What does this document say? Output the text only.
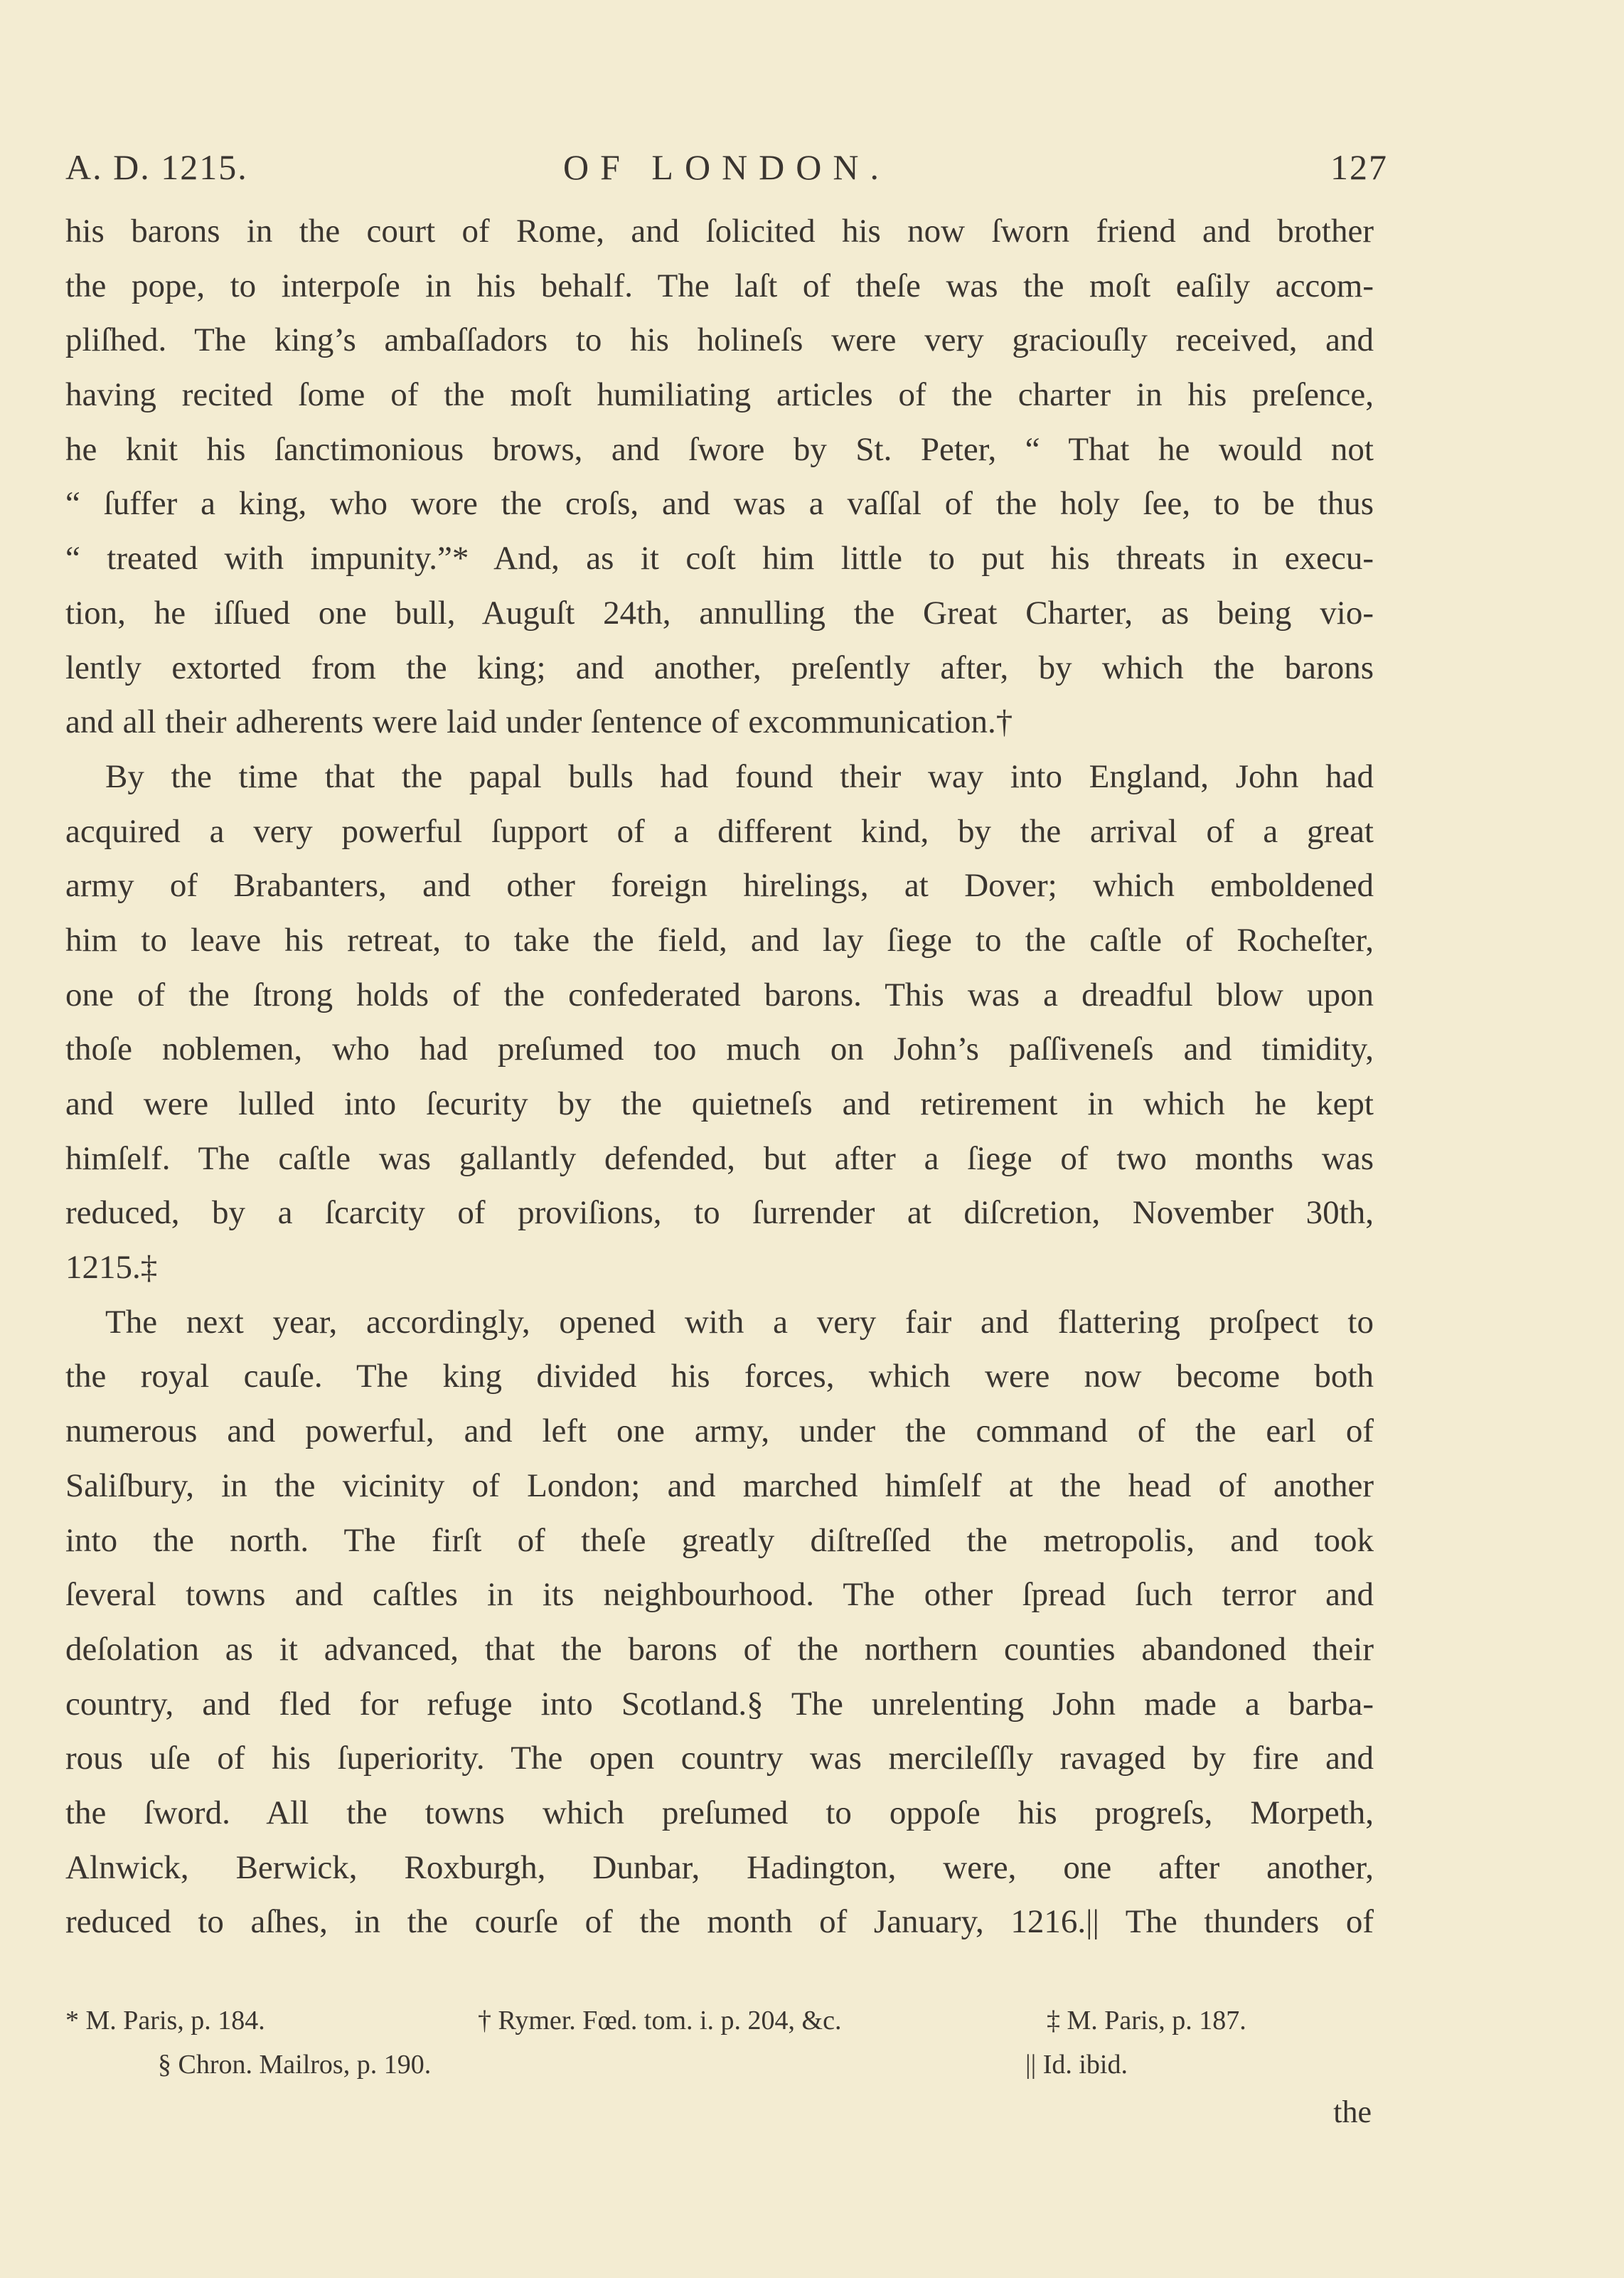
A. D. 1215.	OF LONDON.	127
his barons in the court of Rome, and ſolicited his now ſworn friend and brother
the pope, to interpoſe in his behalf. The laſt of theſe was the moſt eaſily accom-
pliſhed. The king’s ambaſſadors to his holineſs were very graciouſly received, and
having recited ſome of the moſt humiliating articles of the charter in his preſence,
he knit his ſanctimonious brows, and ſwore by St. Peter, “ That he would not
“ ſuffer a king, who wore the croſs, and was a vaſſal of the holy ſee, to be thus
“ treated with impunity.”* And, as it coſt him little to put his threats in execu-
tion, he iſſued one bull, Auguſt 24th, annulling the Great Charter, as being vio-
lently extorted from the king; and another, preſently after, by which the barons
and all their adherents were laid under ſentence of excommunication.†
By the time that the papal bulls had found their way into England, John had
acquired a very powerful ſupport of a different kind, by the arrival of a great
army of Brabanters, and other foreign hirelings, at Dover; which emboldened
him to leave his retreat, to take the field, and lay ſiege to the caſtle of Rocheſter,
one of the ſtrong holds of the confederated barons. This was a dreadful blow upon
thoſe noblemen, who had preſumed too much on John’s paſſiveneſs and timidity,
and were lulled into ſecurity by the quietneſs and retirement in which he kept
himſelf. The caſtle was gallantly defended, but after a ſiege of two months was
reduced, by a ſcarcity of proviſions, to ſurrender at diſcretion, November 30th,
1215.‡
The next year, accordingly, opened with a very fair and flattering proſpect to
the royal cauſe. The king divided his forces, which were now become both
numerous and powerful, and left one army, under the command of the earl of
Saliſbury, in the vicinity of London; and marched himſelf at the head of another
into the north. The firſt of theſe greatly diſtreſſed the metropolis, and took
ſeveral towns and caſtles in its neighbourhood. The other ſpread ſuch terror and
deſolation as it advanced, that the barons of the northern counties abandoned their
country, and fled for refuge into Scotland.§ The unrelenting John made a barba-
rous uſe of his ſuperiority. The open country was mercileſſly ravaged by fire and
the ſword. All the towns which preſumed to oppoſe his progreſs, Morpeth,
Alnwick, Berwick, Roxburgh, Dunbar, Hadington, were, one after another,
reduced to aſhes, in the courſe of the month of January, 1216.|| The thunders of
* M. Paris, p. 184.	† Rymer. Fœd. tom. i. p. 204, &c.	‡ M. Paris, p. 187.
§ Chron. Mailros, p. 190.	|| Id. ibid.
the
